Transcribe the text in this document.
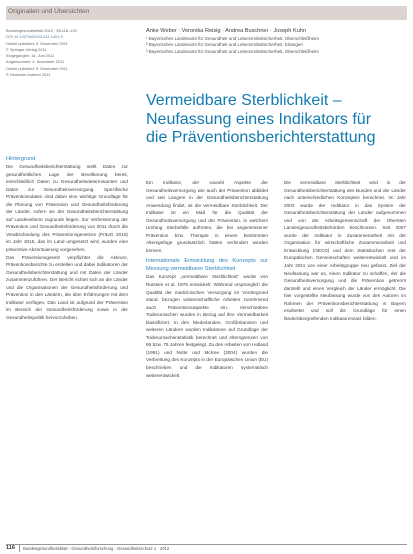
Originalien und Übersichten
Bundesgesundheitsbl 2012 · 55:116–125
DOI 10.1007/s00103-011-1401-9
Online publiziert: 9. Dezember 2011
© Springer-Verlag 2011
Eingegangen: 16. Juni 2011
Angenommen: 4. November 2011
Online publiziert: 9. Dezember 2011
© Deutsche Autoren 2011
Anke Weber · Veronika Reisig · Andrea Buschner · Joseph Kuhn
¹ Bayerisches Landesamt für Gesundheit und Lebensmittelsicherheit, Oberschleißheim
² Bayerisches Landesamt für Gesundheit und Lebensmittelsicherheit, Erlangen
³ Bayerisches Landesamt für Gesundheit und Lebensmittelsicherheit, Oberschleißheim
Vermeidbare Sterblichkeit –
Neufassung eines Indikators für
die Präventionsberichterstattung
Hintergrund

Die Gesundheitsberichterstattung stellt Daten zur gesundheitlichen Lage der Bevölkerung bereit, einschließlich Daten zu Gesundheitsdeterminanten und Daten zur Gesundheitsversorgung. Spezifische Präventionsdaten sind dabei eine wichtige Grundlage für die Planung von Prävention und Gesundheitsförderung der Länder, sofern sie der Gesundheitsberichterstattung auf Landesebene zugrunde liegen. Zur Verbesserung der Prävention und Gesundheitsförderung von 2011 durch die Verabschiedung des Präventionsgesetzes (PrävG 2015) im Jahr 2015, das im Land umgesetzt wird, wurden eine präventive Akzentuierung vorgesehen.

Das Präventionsgesetz verpflichtet die Akteure, Präventionsberichte zu erstellen und dabei Indikatoren der Gesundheitsberichterstattung und mit Daten der Länder zusammenzuführen. Der Bericht richtet sich an die Länder und die Organisationen der Gesundheitsförderung und Prävention in den Ländern, die über Erfahrungen mit dem Indikator verfügen. Das Land ist aufgrund der Prävention im Bereich der Gesundheitsförderung sowie in der Gesundheitspolitik hervorzuheben.

Ein Indikator, der sowohl Aspekte der Gesundheitsversorgung wie auch der Prävention abbildet und seit Langem in der Gesundheitsberichterstattung Anwendung findet, ist die vermeidbare Sterblichkeit. Der Indikator ist ein Maß für die Qualität der Gesundheitsversorgung und der Prävention, in welchem Umfang Sterbefälle auftreten, die bei angemessener Prävention bzw. Therapie in einem bestimmten Altersgefüge grundsätzlich hätten verhindert werden können.

Internationale Entwicklung des Konzepts zur Messung vermeidbarer Sterblichkeit

Das Konzept „vermeidbare Sterblichkeit“ wurde von Rutstein et al. 1976 entwickelt. Während ursprünglich die Qualität der medizinischen Versorgung im Vordergrund stand, bezogen wissenschaftliche Arbeiten zunehmend auch Präventionsaspekte ein. Verschiedene Todesursachen wurden in Bezug auf ihre Vermeidbarkeit klassifiziert. In den Niederlanden, Großbritannien und weiteren Ländern wurden Indikatoren auf Grundlage der Todesursachenstatistik berechnet und Altersgrenzen von 65 bzw. 75 Jahren festgelegt. Zu den Arbeiten von Holland (1991) und Nolte und McKee (2004) wurden die Verbreitung des Konzepts in der Europäischen Union (EU) beschrieben und die Indikatoren systematisch weiterentwickelt.

Die vermeidbare Sterblichkeit wird in der Gesundheitsberichterstattung des Bundes und der Länder nach unterschiedlichen Konzepten berechnet. Im Jahr 2003 wurde der Indikator in das System der Gesundheitsberichterstattung der Länder aufgenommen und von der Arbeitsgemeinschaft der Obersten Landesgesundheitsbehörden beschlossen. Seit 2007 wurde der Indikator in Zusammenarbeit mit der Organisation für wirtschaftliche Zusammenarbeit und Entwicklung (OECD) und dem Statistischen Amt der Europäischen Gemeinschaften weiterentwickelt und im Jahr 2011 von einer Arbeitsgruppe neu gefasst. Ziel der Neufassung war es, einen Indikator zu schaffen, der die Gesundheitsversorgung und die Prävention getrennt darstellt und einen Vergleich der Länder ermöglicht. Die hier vorgestellte Neufassung wurde von den Autoren im Rahmen der Präventionsberichterstattung in Bayern erarbeitet und soll die Grundlage für einen länderübergreifenden Indikatorensatz bilden.

116 Bundesgesundheitsblatt - Gesundheitsforschung - Gesundheitsschutz 1 · 2012
